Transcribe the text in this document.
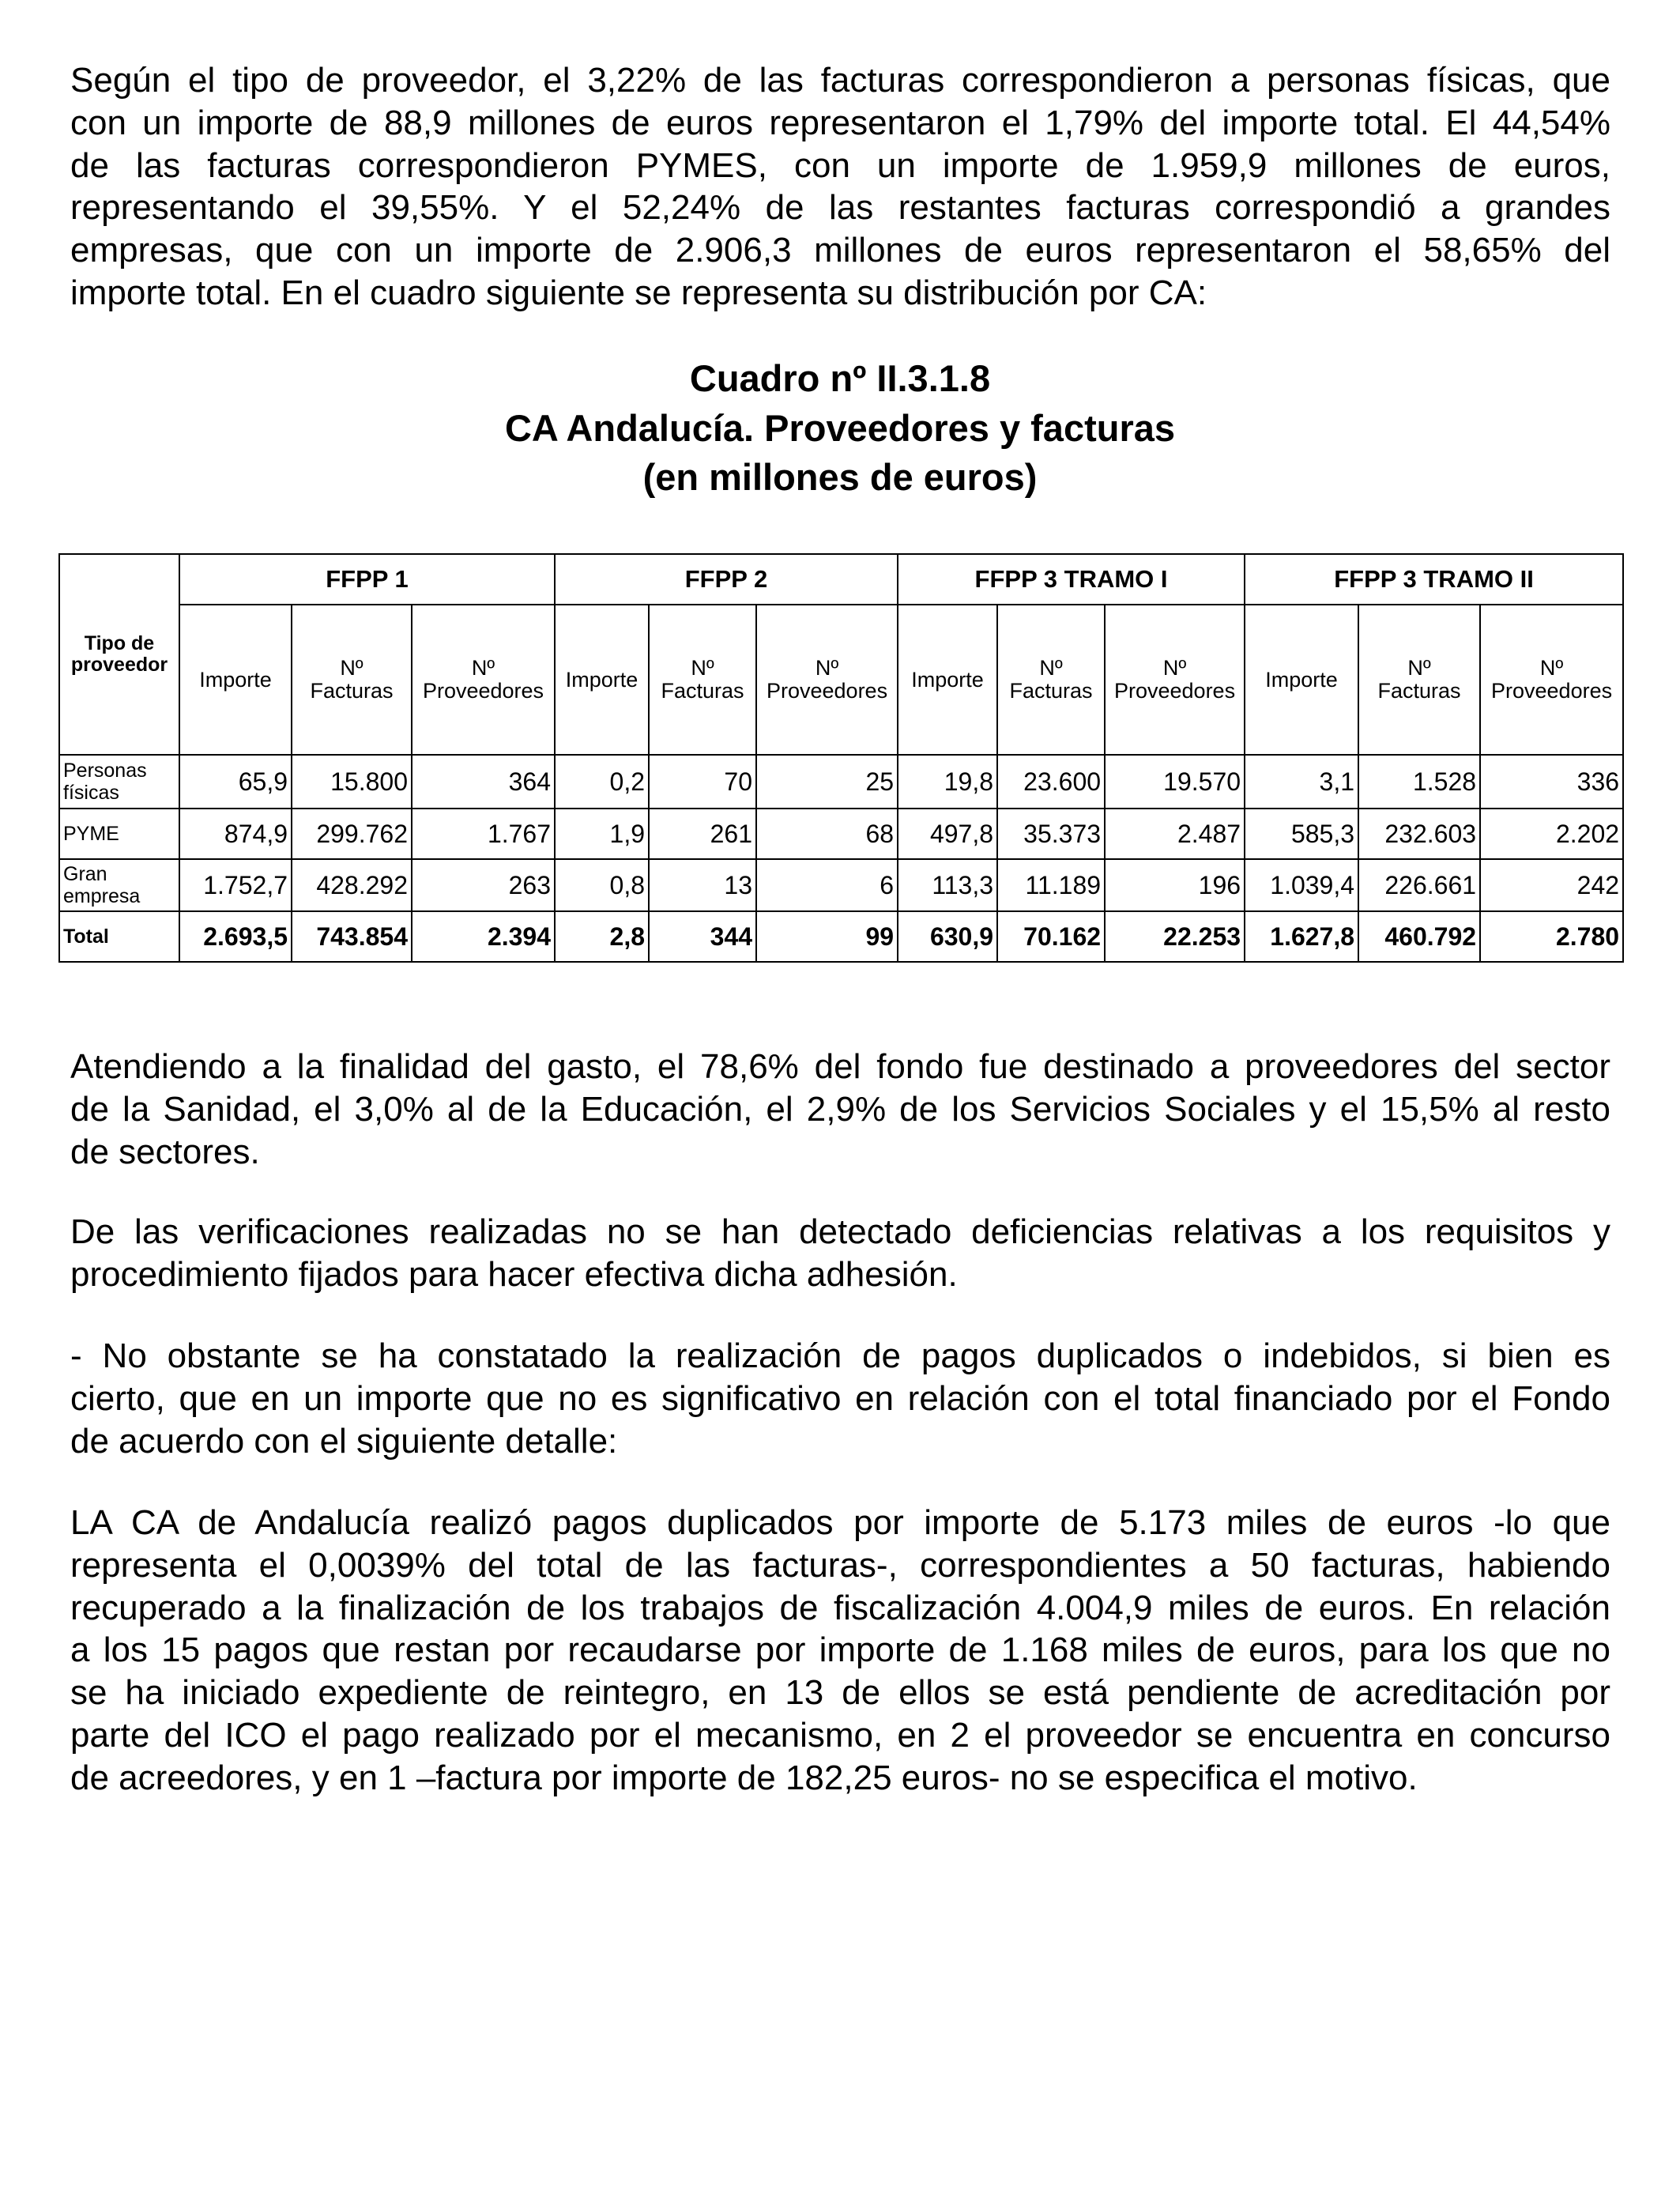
Según el tipo de proveedor, el 3,22% de las facturas correspondieron a personas físicas, que
con un importe de 88,9 millones de euros representaron el 1,79% del importe total. El 44,54%
de las facturas correspondieron PYMES, con un importe de 1.959,9 millones de euros,
representando el 39,55%. Y el 52,24% de las restantes facturas correspondió a grandes
empresas, que con un importe de 2.906,3 millones de euros representaron el 58,65% del
importe total. En el cuadro siguiente se representa su distribución por CA:
Cuadro nº II.3.1.8
CA Andalucía. Proveedores y facturas
(en millones de euros)
Tipo de proveedor	FFPP 1			FFPP 2			FFPP 3 TRAMO I			FFPP 3 TRAMO II		
	Importe	Nº Facturas	Nº Proveedores	Importe	Nº Facturas	Nº Proveedores	Importe	Nº Facturas	Nº Proveedores	Importe	Nº Facturas	Nº Proveedores
Personas físicas	65,9	15.800	364	0,2	70	25	19,8	23.600	19.570	3,1	1.528	336
PYME	874,9	299.762	1.767	1,9	261	68	497,8	35.373	2.487	585,3	232.603	2.202
Gran empresa	1.752,7	428.292	263	0,8	13	6	113,3	11.189	196	1.039,4	226.661	242
Total	2.693,5	743.854	2.394	2,8	344	99	630,9	70.162	22.253	1.627,8	460.792	2.780
Atendiendo a la finalidad del gasto, el 78,6% del fondo fue destinado a proveedores del sector
de la Sanidad, el 3,0% al de la Educación, el 2,9% de los Servicios Sociales y el 15,5% al resto
de sectores.
De las verificaciones realizadas no se han detectado deficiencias relativas a los requisitos y
procedimiento fijados para hacer efectiva dicha adhesión.
- No obstante se ha constatado la realización de pagos duplicados o indebidos, si bien es
cierto, que en un importe que no es significativo en relación con el total financiado por el Fondo
de acuerdo con el siguiente detalle:
LA CA de Andalucía realizó pagos duplicados por importe de 5.173 miles de euros -lo que
representa el 0,0039% del total de las facturas-, correspondientes a 50 facturas, habiendo
recuperado a la finalización de los trabajos de fiscalización 4.004,9 miles de euros. En relación
a los 15 pagos que restan por recaudarse por importe de 1.168 miles de euros, para los que no
se ha iniciado expediente de reintegro, en 13 de ellos se está pendiente de acreditación por
parte del ICO el pago realizado por el mecanismo, en 2 el proveedor se encuentra en concurso
de acreedores, y en 1 –factura por importe de 182,25 euros- no se especifica el motivo.
